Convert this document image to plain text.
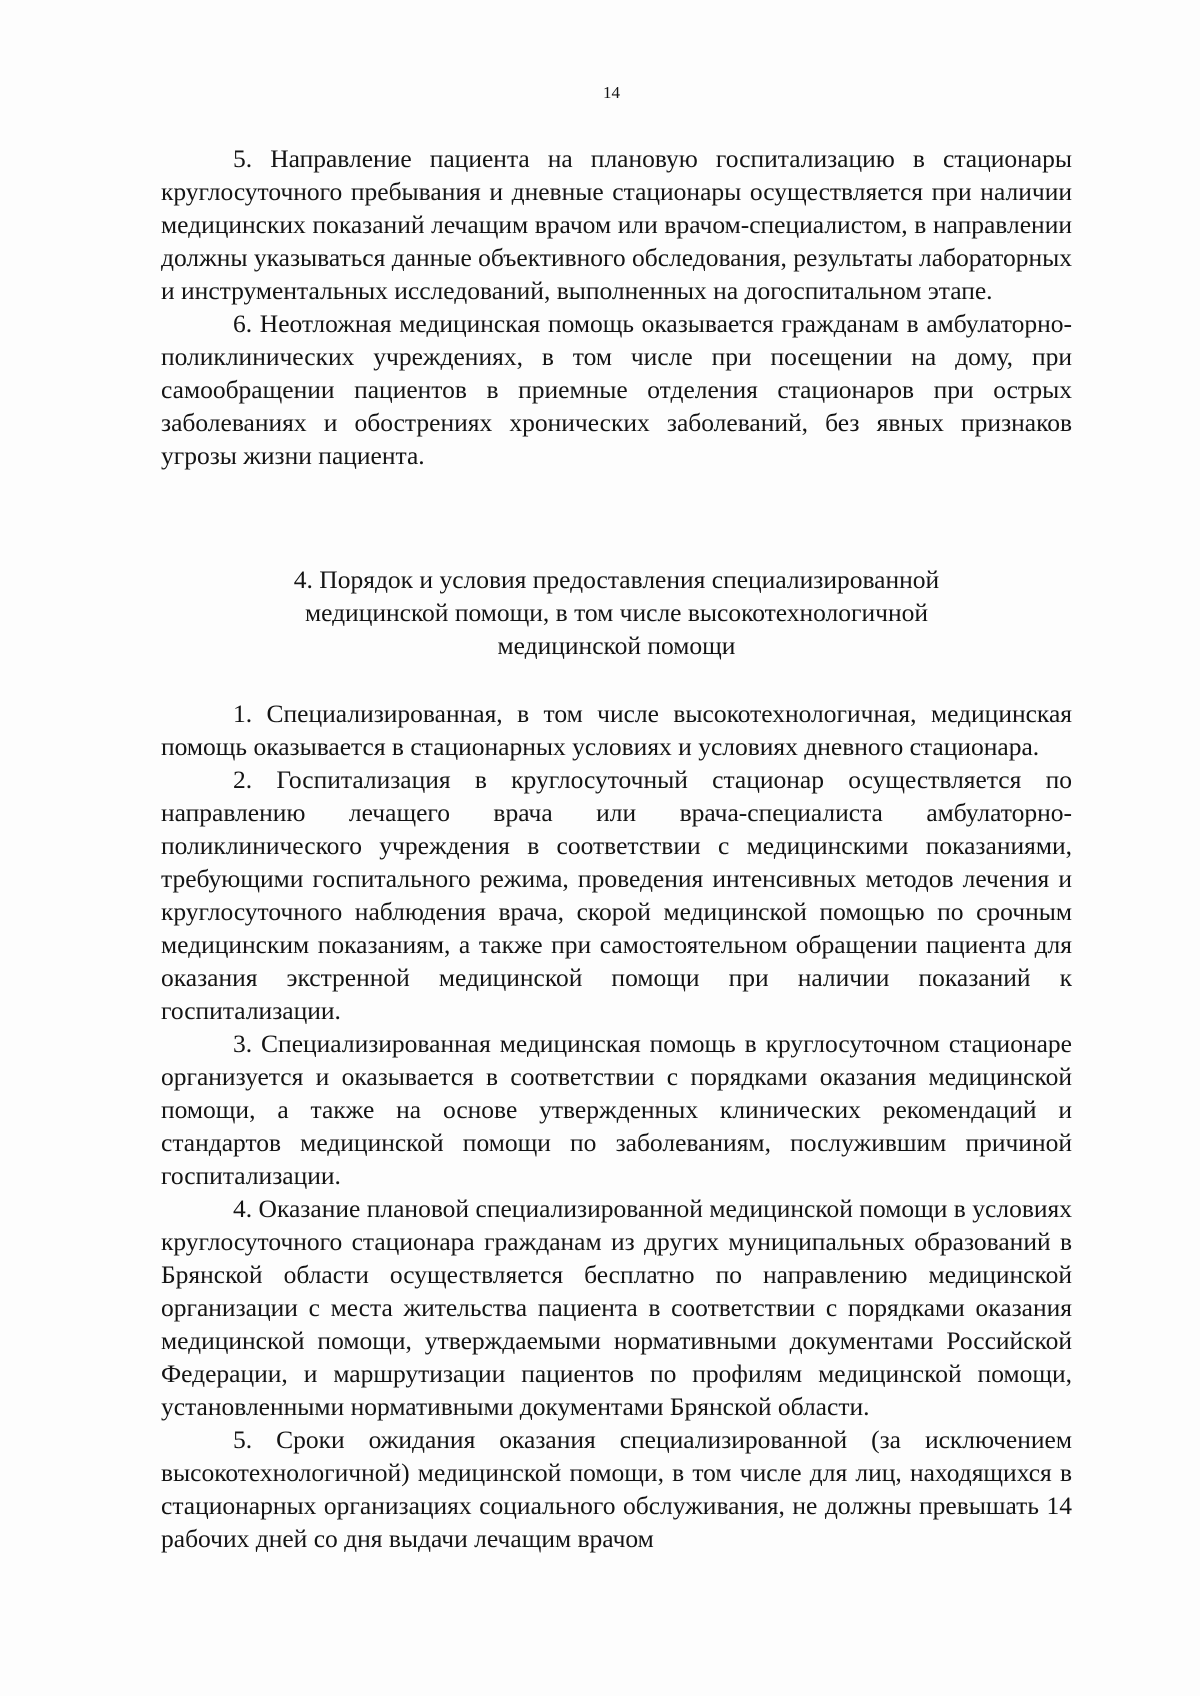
14

5. Направление пациента на плановую госпитализацию в стационары круглосуточного пребывания и дневные стационары осуществляется при наличии медицинских показаний лечащим врачом или врачом-специалистом, в направлении должны указываться данные объективного обследования, результаты лабораторных и инструментальных исследований, выполненных на догоспитальном этапе.

6. Неотложная медицинская помощь оказывается гражданам в амбулаторно-поликлинических учреждениях, в том числе при посещении на дому, при самообращении пациентов в приемные отделения стационаров при острых заболеваниях и обострениях хронических заболеваний, без явных признаков угрозы жизни пациента.

4. Порядок и условия предоставления специализированной
медицинской помощи, в том числе высокотехнологичной
медицинской помощи

1. Специализированная, в том числе высокотехнологичная, медицинская помощь оказывается в стационарных условиях и условиях дневного стационара.

2. Госпитализация в круглосуточный стационар осуществляется по направлению лечащего врача или врача-специалиста амбулаторно-поликлинического учреждения в соответствии с медицинскими показаниями, требующими госпитального режима, проведения интенсивных методов лечения и круглосуточного наблюдения врача, скорой медицинской помощью по срочным медицинским показаниям, а также при самостоятельном обращении пациента для оказания экстренной медицинской помощи при наличии показаний к госпитализации.

3. Специализированная медицинская помощь в круглосуточном стационаре организуется и оказывается в соответствии с порядками оказания медицинской помощи, а также на основе утвержденных клинических рекомендаций и стандартов медицинской помощи по заболеваниям, послужившим причиной госпитализации.

4. Оказание плановой специализированной медицинской помощи в условиях круглосуточного стационара гражданам из других муниципальных образований в Брянской области осуществляется бесплатно по направлению медицинской организации с места жительства пациента в соответствии с порядками оказания медицинской помощи, утверждаемыми нормативными документами Российской Федерации, и маршрутизации пациентов по профилям медицинской помощи, установленными нормативными документами Брянской области.

5. Сроки ожидания оказания специализированной (за исключением высокотехнологичной) медицинской помощи, в том числе для лиц, находящихся в стационарных организациях социального обслуживания, не должны превышать 14 рабочих дней со дня выдачи лечащим врачом
